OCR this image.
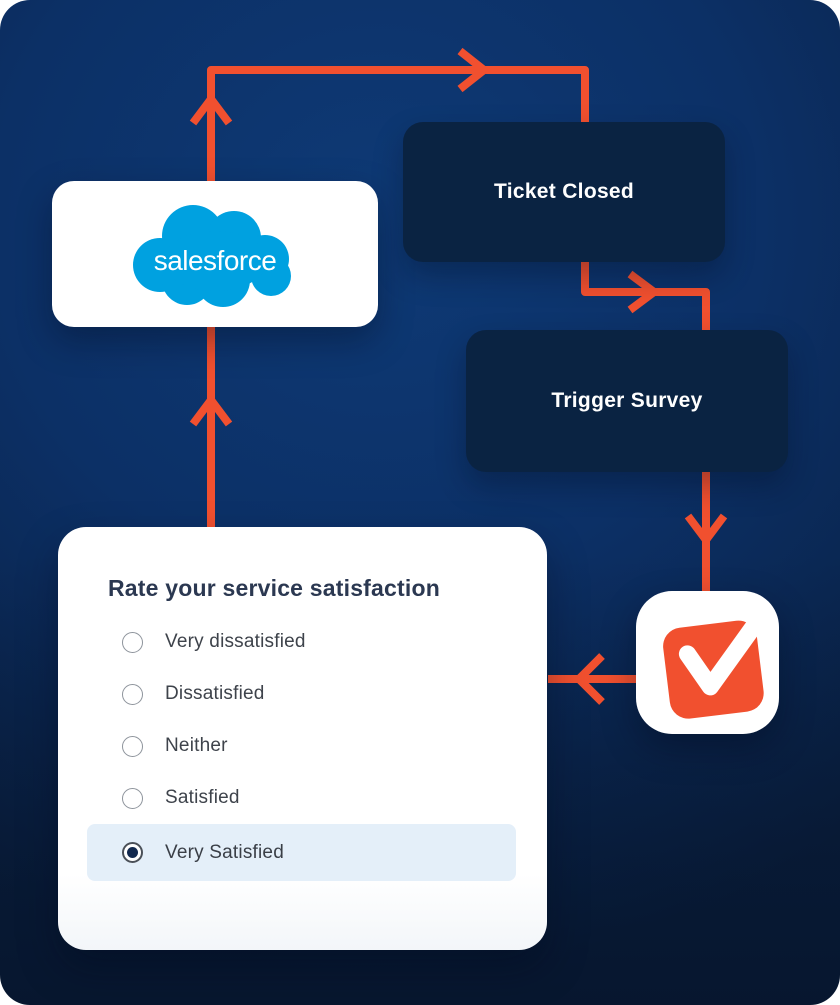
salesforce
Ticket Closed
Trigger Survey
Rate your service satisfaction
Very dissatisfied
Dissatisfied
Neither
Satisfied
Very Satisfied
